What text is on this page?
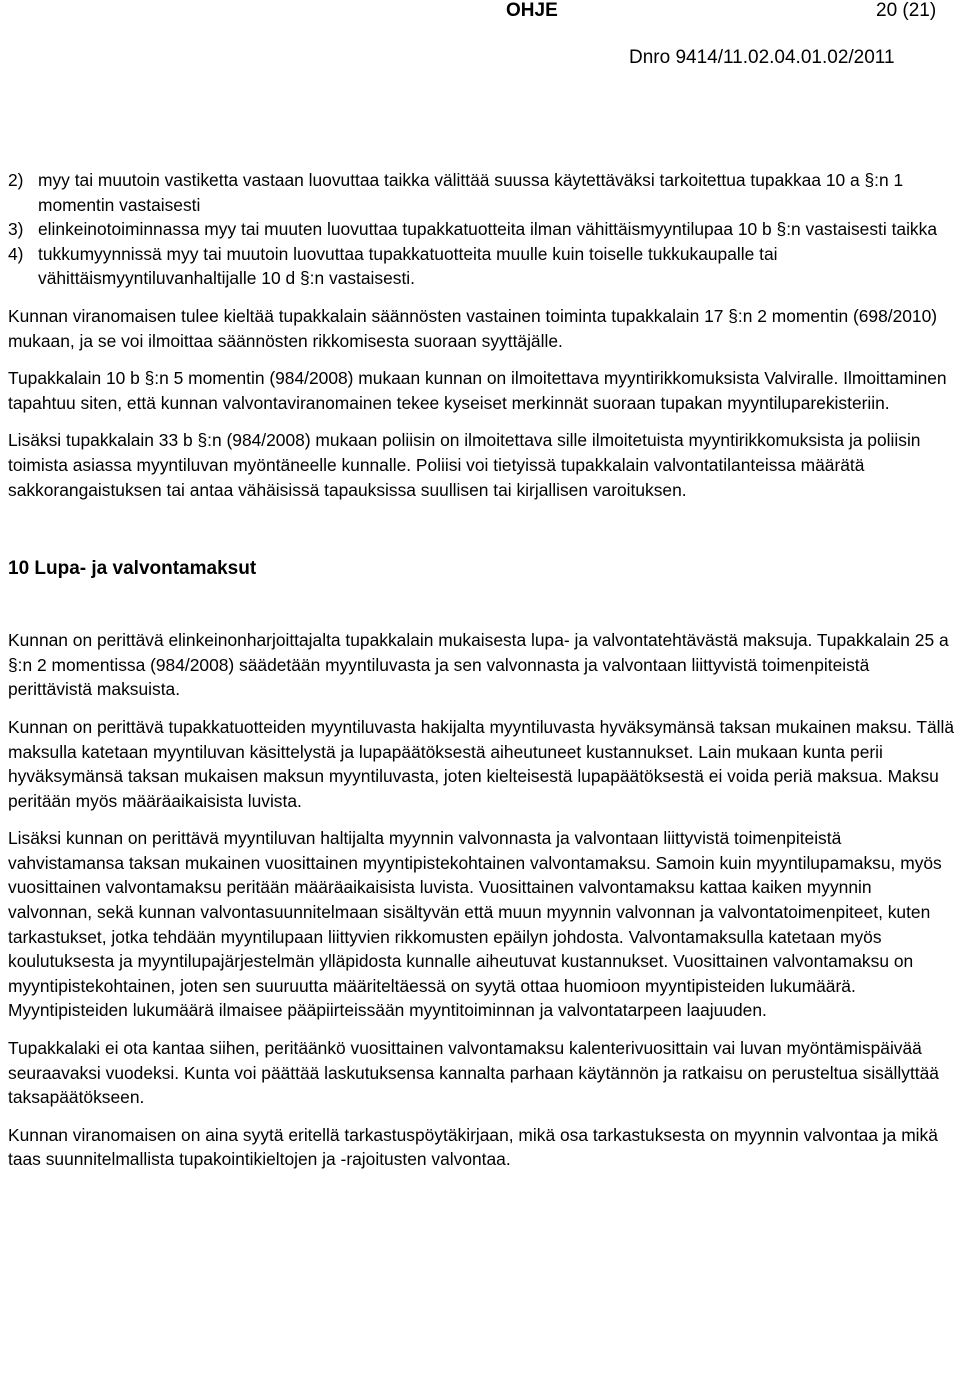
OHJE	20 (21)
Dnro 9414/11.02.04.01.02/2011
2) myy tai muutoin vastiketta vastaan luovuttaa taikka välittää suussa käytettäväksi tarkoitettua tupakkaa 10 a §:n 1 momentin vastaisesti
3) elinkeinotoiminnassa myy tai muuten luovuttaa tupakkatuotteita ilman vähittäismyyntilupaa 10 b §:n vastaisesti taikka
4) tukkumyynnissä myy tai muutoin luovuttaa tupakkatuotteita muulle kuin toiselle tukkukaupalle tai vähittäismyyntiluvanhaltijalle 10 d §:n vastaisesti.

Kunnan viranomaisen tulee kieltää tupakkalain säännösten vastainen toiminta tupakkalain 17 §:n 2 momentin (698/2010) mukaan, ja se voi ilmoittaa säännösten rikkomisesta suoraan syyttäjälle.

Tupakkalain 10 b §:n 5 momentin (984/2008) mukaan kunnan on ilmoitettava myyntirikkomuksista Valviralle. Ilmoittaminen tapahtuu siten, että kunnan valvontaviranomainen tekee kyseiset merkinnät suoraan tupakan myyntiluparekisteriin.

Lisäksi tupakkalain 33 b §:n (984/2008) mukaan poliisin on ilmoitettava sille ilmoitetuista myyntirikkomuksista ja poliisin toimista asiassa myyntiluvan myöntäneelle kunnalle. Poliisi voi tietyissä tupakkalain valvontatilanteissa määrätä sakkorangaistuksen tai antaa vähäisissä tapauksissa suullisen tai kirjallisen varoituksen.

10 Lupa- ja valvontamaksut

Kunnan on perittävä elinkeinonharjoittajalta tupakkalain mukaisesta lupa- ja valvontatehtävästä maksuja. Tupakkalain 25 a §:n 2 momentissa (984/2008) säädetään myyntiluvasta ja sen valvonnasta ja valvontaan liittyvistä toimenpiteistä perittävistä maksuista.

Kunnan on perittävä tupakkatuotteiden myyntiluvasta hakijalta myyntiluvasta hyväksymänsä taksan mukainen maksu. Tällä maksulla katetaan myyntiluvan käsittelystä ja lupapäätöksestä aiheutuneet kustannukset. Lain mukaan kunta perii hyväksymänsä taksan mukaisen maksun myyntiluvasta, joten kielteisestä lupapäätöksestä ei voida periä maksua. Maksu peritään myös määräaikaisista luvista.

Lisäksi kunnan on perittävä myyntiluvan haltijalta myynnin valvonnasta ja valvontaan liittyvistä toimenpiteistä vahvistamansa taksan mukainen vuosittainen myyntipistekohtainen valvontamaksu. Samoin kuin myyntilupamaksu, myös vuosittainen valvontamaksu peritään määräaikaisista luvista. Vuosittainen valvontamaksu kattaa kaiken myynnin valvonnan, sekä kunnan valvontasuunnitelmaan sisältyvän että muun myynnin valvonnan ja valvontatoimenpiteet, kuten tarkastukset, jotka tehdään myyntilupaan liittyvien rikkomusten epäilyn johdosta. Valvontamaksulla katetaan myös koulutuksesta ja myyntilupajärjestelmän ylläpidosta kunnalle aiheutuvat kustannukset. Vuosittainen valvontamaksu on myyntipistekohtainen, joten sen suuruutta määriteltäessä on syytä ottaa huomioon myyntipisteiden lukumäärä. Myyntipisteiden lukumäärä ilmaisee pääpiirteissään myyntitoiminnan ja valvontatarpeen laajuuden.

Tupakkalaki ei ota kantaa siihen, peritäänkö vuosittainen valvontamaksu kalenterivuosittain vai luvan myöntämispäivää seuraavaksi vuodeksi. Kunta voi päättää laskutuksensa kannalta parhaan käytännön ja ratkaisu on perusteltua sisällyttää taksapäätökseen.

Kunnan viranomaisen on aina syytä eritellä tarkastuspöytäkirjaan, mikä osa tarkastuksesta on myynnin valvontaa ja mikä taas suunnitelmallista tupakointikieltojen ja -rajoitusten valvontaa.
